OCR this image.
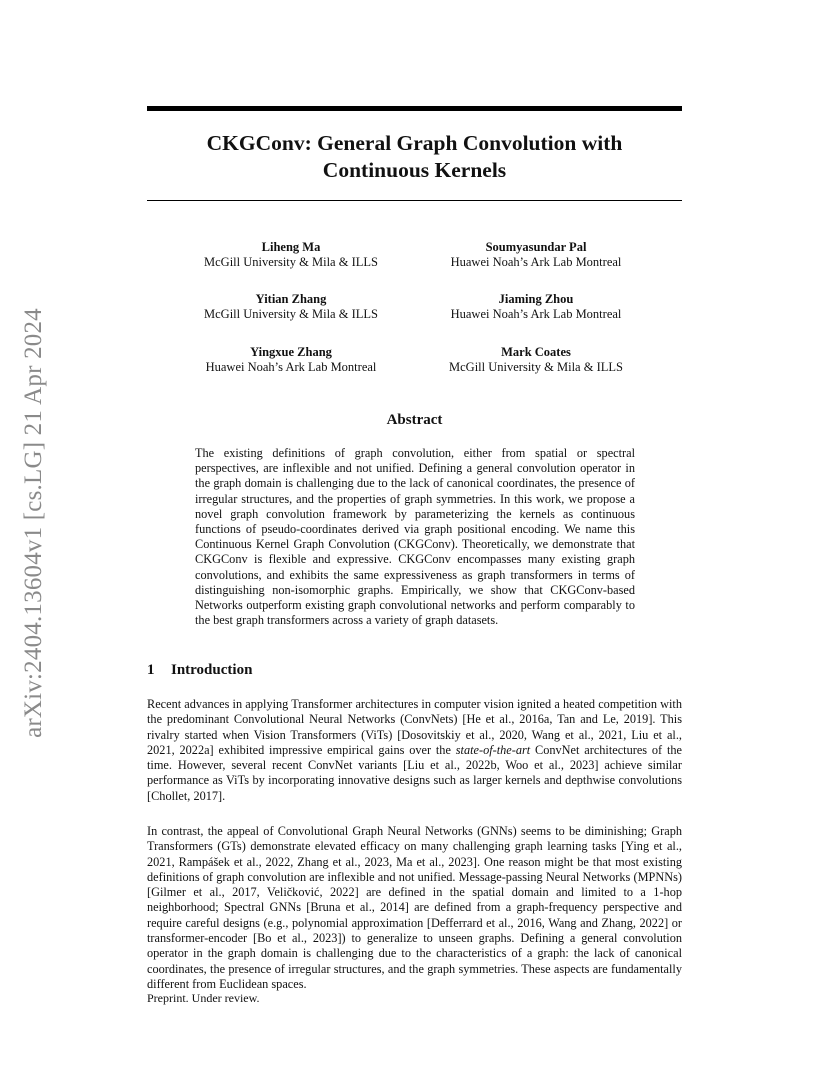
arXiv:2404.13604v1 [cs.LG] 21 Apr 2024
CKGConv: General Graph Convolution with
Continuous Kernels
Liheng Ma
McGill University & Mila & ILLS
Soumyasundar Pal
Huawei Noah’s Ark Lab Montreal
Yitian Zhang
McGill University & Mila & ILLS
Jiaming Zhou
Huawei Noah’s Ark Lab Montreal
Yingxue Zhang
Huawei Noah’s Ark Lab Montreal
Mark Coates
McGill University & Mila & ILLS
Abstract

The existing definitions of graph convolution, either from spatial or spectral perspectives, are inflexible and not unified. Defining a general convolution operator in the graph domain is challenging due to the lack of canonical coordinates, the presence of irregular structures, and the properties of graph symmetries. In this work, we propose a novel graph convolution framework by parameterizing the kernels as continuous functions of pseudo-coordinates derived via graph positional encoding. We name this Continuous Kernel Graph Convolution (CKGConv). Theoretically, we demonstrate that CKGConv is flexible and expressive. CKGConv encompasses many existing graph convolutions, and exhibits the same expressiveness as graph transformers in terms of distinguishing non-isomorphic graphs. Empirically, we show that CKGConv-based Networks outperform existing graph convolutional networks and perform comparably to the best graph transformers across a variety of graph datasets.

1 Introduction

Recent advances in applying Transformer architectures in computer vision ignited a heated competition with the predominant Convolutional Neural Networks (ConvNets) [He et al., 2016a, Tan and Le, 2019]. This rivalry started when Vision Transformers (ViTs) [Dosovitskiy et al., 2020, Wang et al., 2021, Liu et al., 2021, 2022a] exhibited impressive empirical gains over the state-of-the-art ConvNet architectures of the time. However, several recent ConvNet variants [Liu et al., 2022b, Woo et al., 2023] achieve similar performance as ViTs by incorporating innovative designs such as larger kernels and depthwise convolutions [Chollet, 2017].

In contrast, the appeal of Convolutional Graph Neural Networks (GNNs) seems to be diminishing; Graph Transformers (GTs) demonstrate elevated efficacy on many challenging graph learning tasks [Ying et al., 2021, Rampášek et al., 2022, Zhang et al., 2023, Ma et al., 2023]. One reason might be that most existing definitions of graph convolution are inflexible and not unified. Message-passing Neural Networks (MPNNs) [Gilmer et al., 2017, Veličković, 2022] are defined in the spatial domain and limited to a 1-hop neighborhood; Spectral GNNs [Bruna et al., 2014] are defined from a graph-frequency perspective and require careful designs (e.g., polynomial approximation [Defferrard et al., 2016, Wang and Zhang, 2022] or transformer-encoder [Bo et al., 2023]) to generalize to unseen graphs. Defining a general convolution operator in the graph domain is challenging due to the characteristics of a graph: the lack of canonical coordinates, the presence of irregular structures, and the graph symmetries. These aspects are fundamentally different from Euclidean spaces.

Preprint. Under review.
